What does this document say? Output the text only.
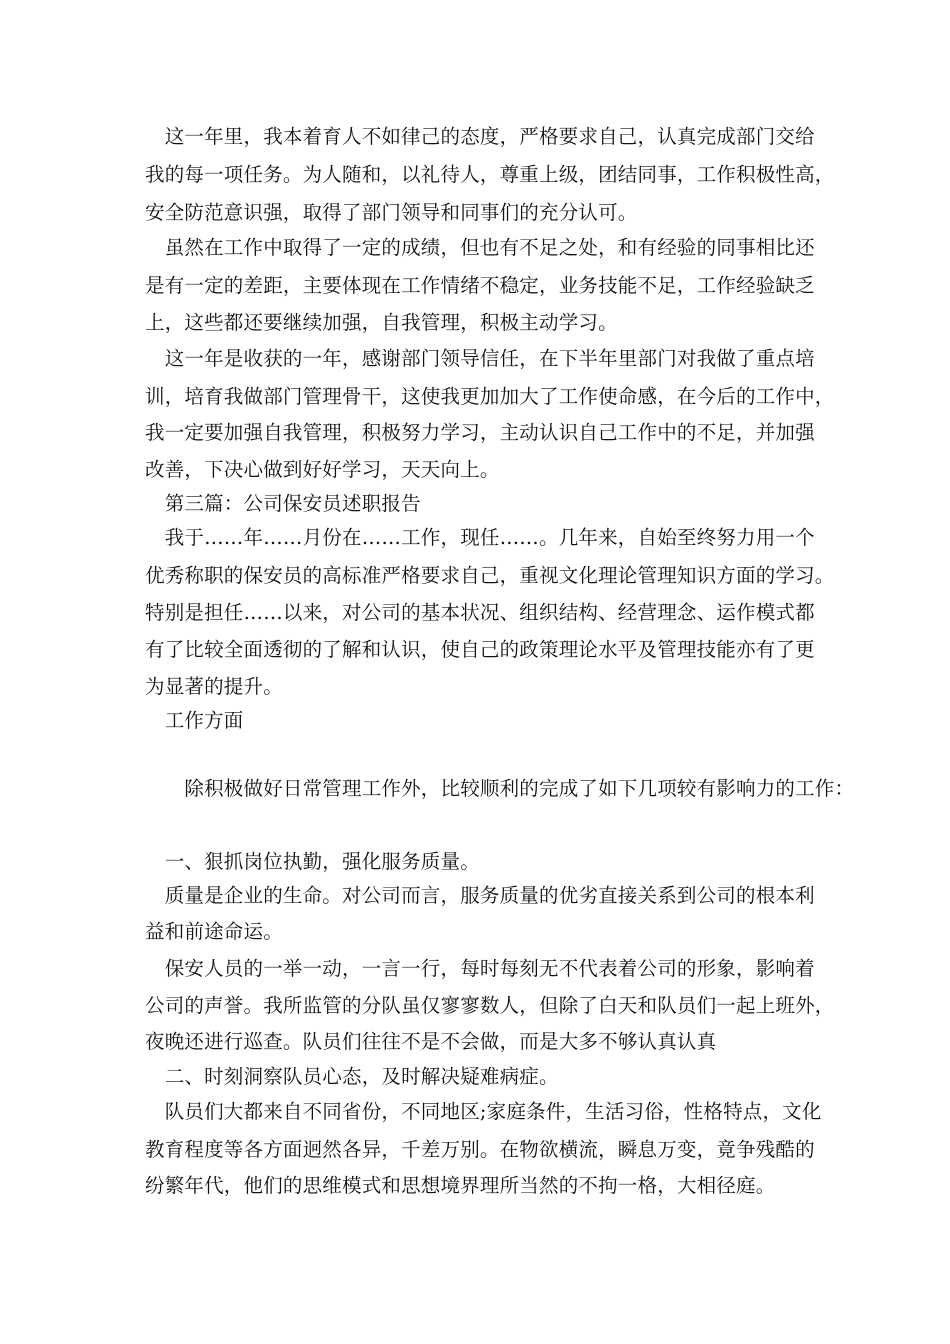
　这一年里，我本着育人不如律己的态度，严格要求自己，认真完成部门交给
我的每一项任务。为人随和，以礼待人，尊重上级，团结同事，工作积极性高，
安全防范意识强，取得了部门领导和同事们的充分认可。
　虽然在工作中取得了一定的成绩，但也有不足之处，和有经验的同事相比还
是有一定的差距，主要体现在工作情绪不稳定，业务技能不足，工作经验缺乏
上，这些都还要继续加强，自我管理，积极主动学习。
　这一年是收获的一年，感谢部门领导信任，在下半年里部门对我做了重点培
训，培育我做部门管理骨干，这使我更加加大了工作使命感，在今后的工作中，
我一定要加强自我管理，积极努力学习，主动认识自己工作中的不足，并加强
改善，下决心做到好好学习，天天向上。
　第三篇：公司保安员述职报告
　我于……年……月份在……工作，现任……。几年来，自始至终努力用一个
优秀称职的保安员的高标准严格要求自己，重视文化理论管理知识方面的学习。
特别是担任……以来，对公司的基本状况、组织结构、经营理念、运作模式都
有了比较全面透彻的了解和认识，使自己的政策理论水平及管理技能亦有了更
为显著的提升。
　工作方面
　　除积极做好日常管理工作外，比较顺利的完成了如下几项较有影响力的工作：
　一、狠抓岗位执勤，强化服务质量。
　质量是企业的生命。对公司而言，服务质量的优劣直接关系到公司的根本利
益和前途命运。
　保安人员的一举一动，一言一行，每时每刻无不代表着公司的形象，影响着
公司的声誉。我所监管的分队虽仅寥寥数人，但除了白天和队员们一起上班外，
夜晚还进行巡查。队员们往往不是不会做，而是大多不够认真认真
　二、时刻洞察队员心态，及时解决疑难病症。
　队员们大都来自不同省份，不同地区;家庭条件，生活习俗，性格特点，文化
教育程度等各方面迥然各异，千差万别。在物欲横流，瞬息万变，竟争残酷的
纷繁年代，他们的思维模式和思想境界理所当然的不拘一格，大相径庭。
